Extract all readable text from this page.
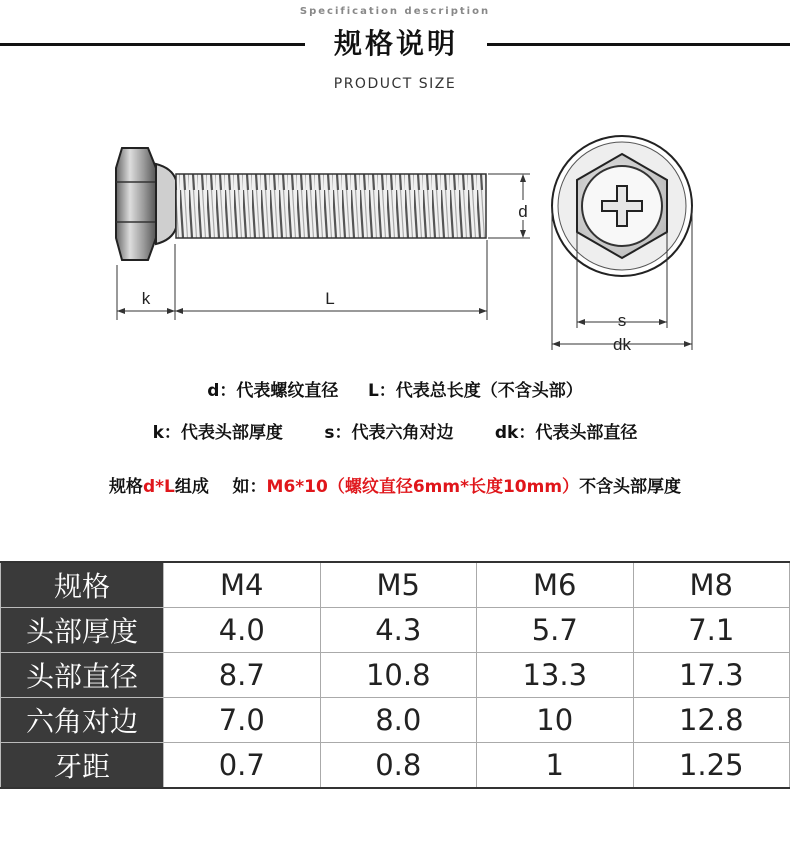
Specification description
规格说明
PRODUCT SIZE
d
k	L
s
dk
d：代表螺纹直径     L：代表总长度（不含头部）
k：代表头部厚度       s：代表六角对边       dk：代表头部直径
规格d*L组成    如：M6*10（螺纹直径6mm*长度10mm）不含头部厚度
规格	M4	M5	M6	M8
头部厚度	4.0	4.3	5.7	7.1
头部直径	8.7	10.8	13.3	17.3
六角对边	7.0	8.0	10	12.8
牙距	0.7	0.8	1	1.25
